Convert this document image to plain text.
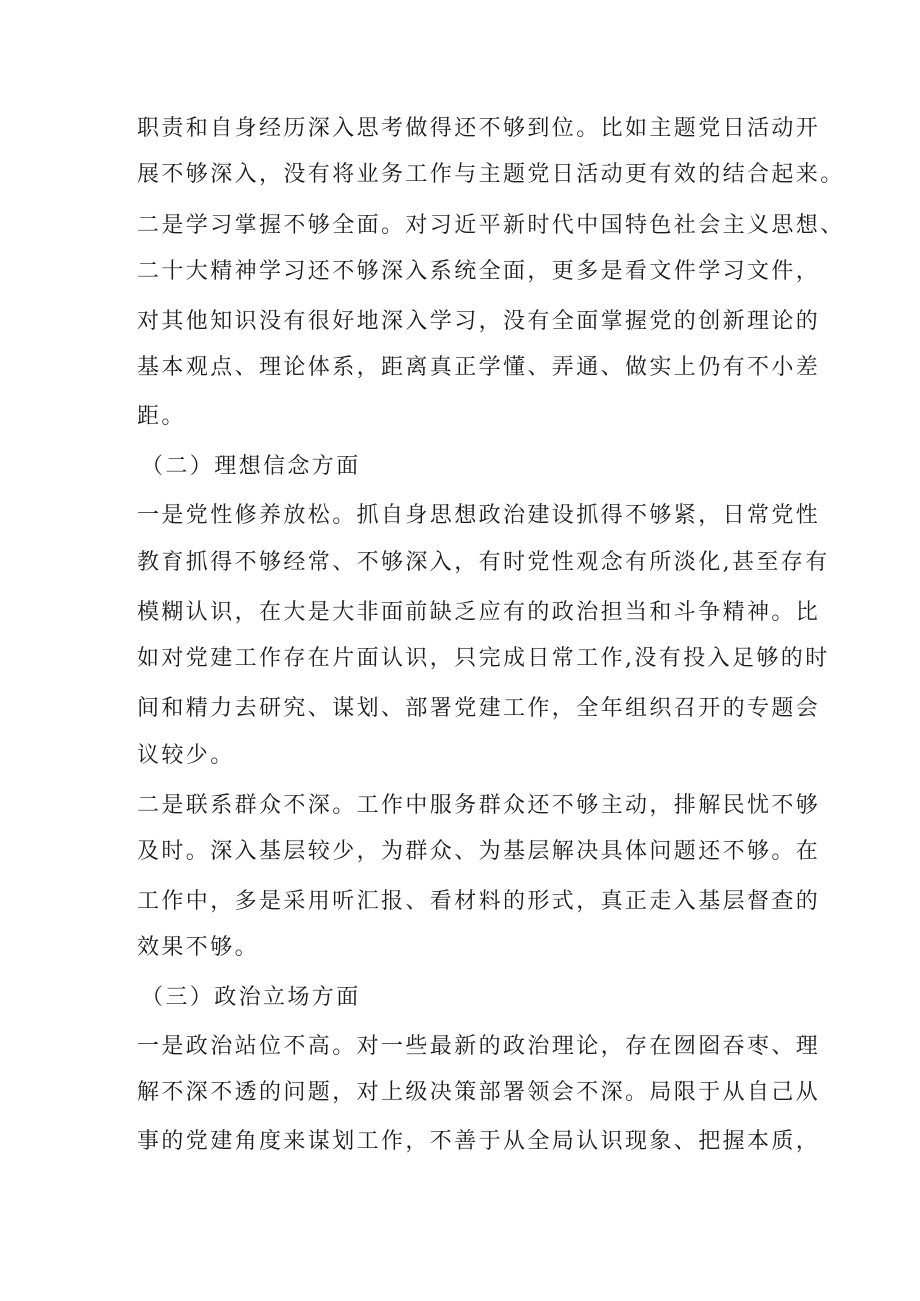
职责和自身经历深入思考做得还不够到位。比如主题党日活动开
展不够深入，没有将业务工作与主题党日活动更有效的结合起来。
二是学习掌握不够全面。对习近平新时代中国特色社会主义思想、
二十大精神学习还不够深入系统全面，更多是看文件学习文件，
对其他知识没有很好地深入学习，没有全面掌握党的创新理论的
基本观点、理论体系，距离真正学懂、弄通、做实上仍有不小差
距。
（二）理想信念方面
一是党性修养放松。抓自身思想政治建设抓得不够紧，日常党性
教育抓得不够经常、不够深入，有时党性观念有所淡化,甚至存有
模糊认识，在大是大非面前缺乏应有的政治担当和斗争精神。比
如对党建工作存在片面认识，只完成日常工作,没有投入足够的时
间和精力去研究、谋划、部署党建工作，全年组织召开的专题会
议较少。
二是联系群众不深。工作中服务群众还不够主动，排解民忧不够
及时。深入基层较少，为群众、为基层解决具体问题还不够。在
工作中，多是采用听汇报、看材料的形式，真正走入基层督查的
效果不够。
（三）政治立场方面
一是政治站位不高。对一些最新的政治理论，存在囫囵吞枣、理
解不深不透的问题，对上级决策部署领会不深。局限于从自己从
事的党建角度来谋划工作，不善于从全局认识现象、把握本质，
